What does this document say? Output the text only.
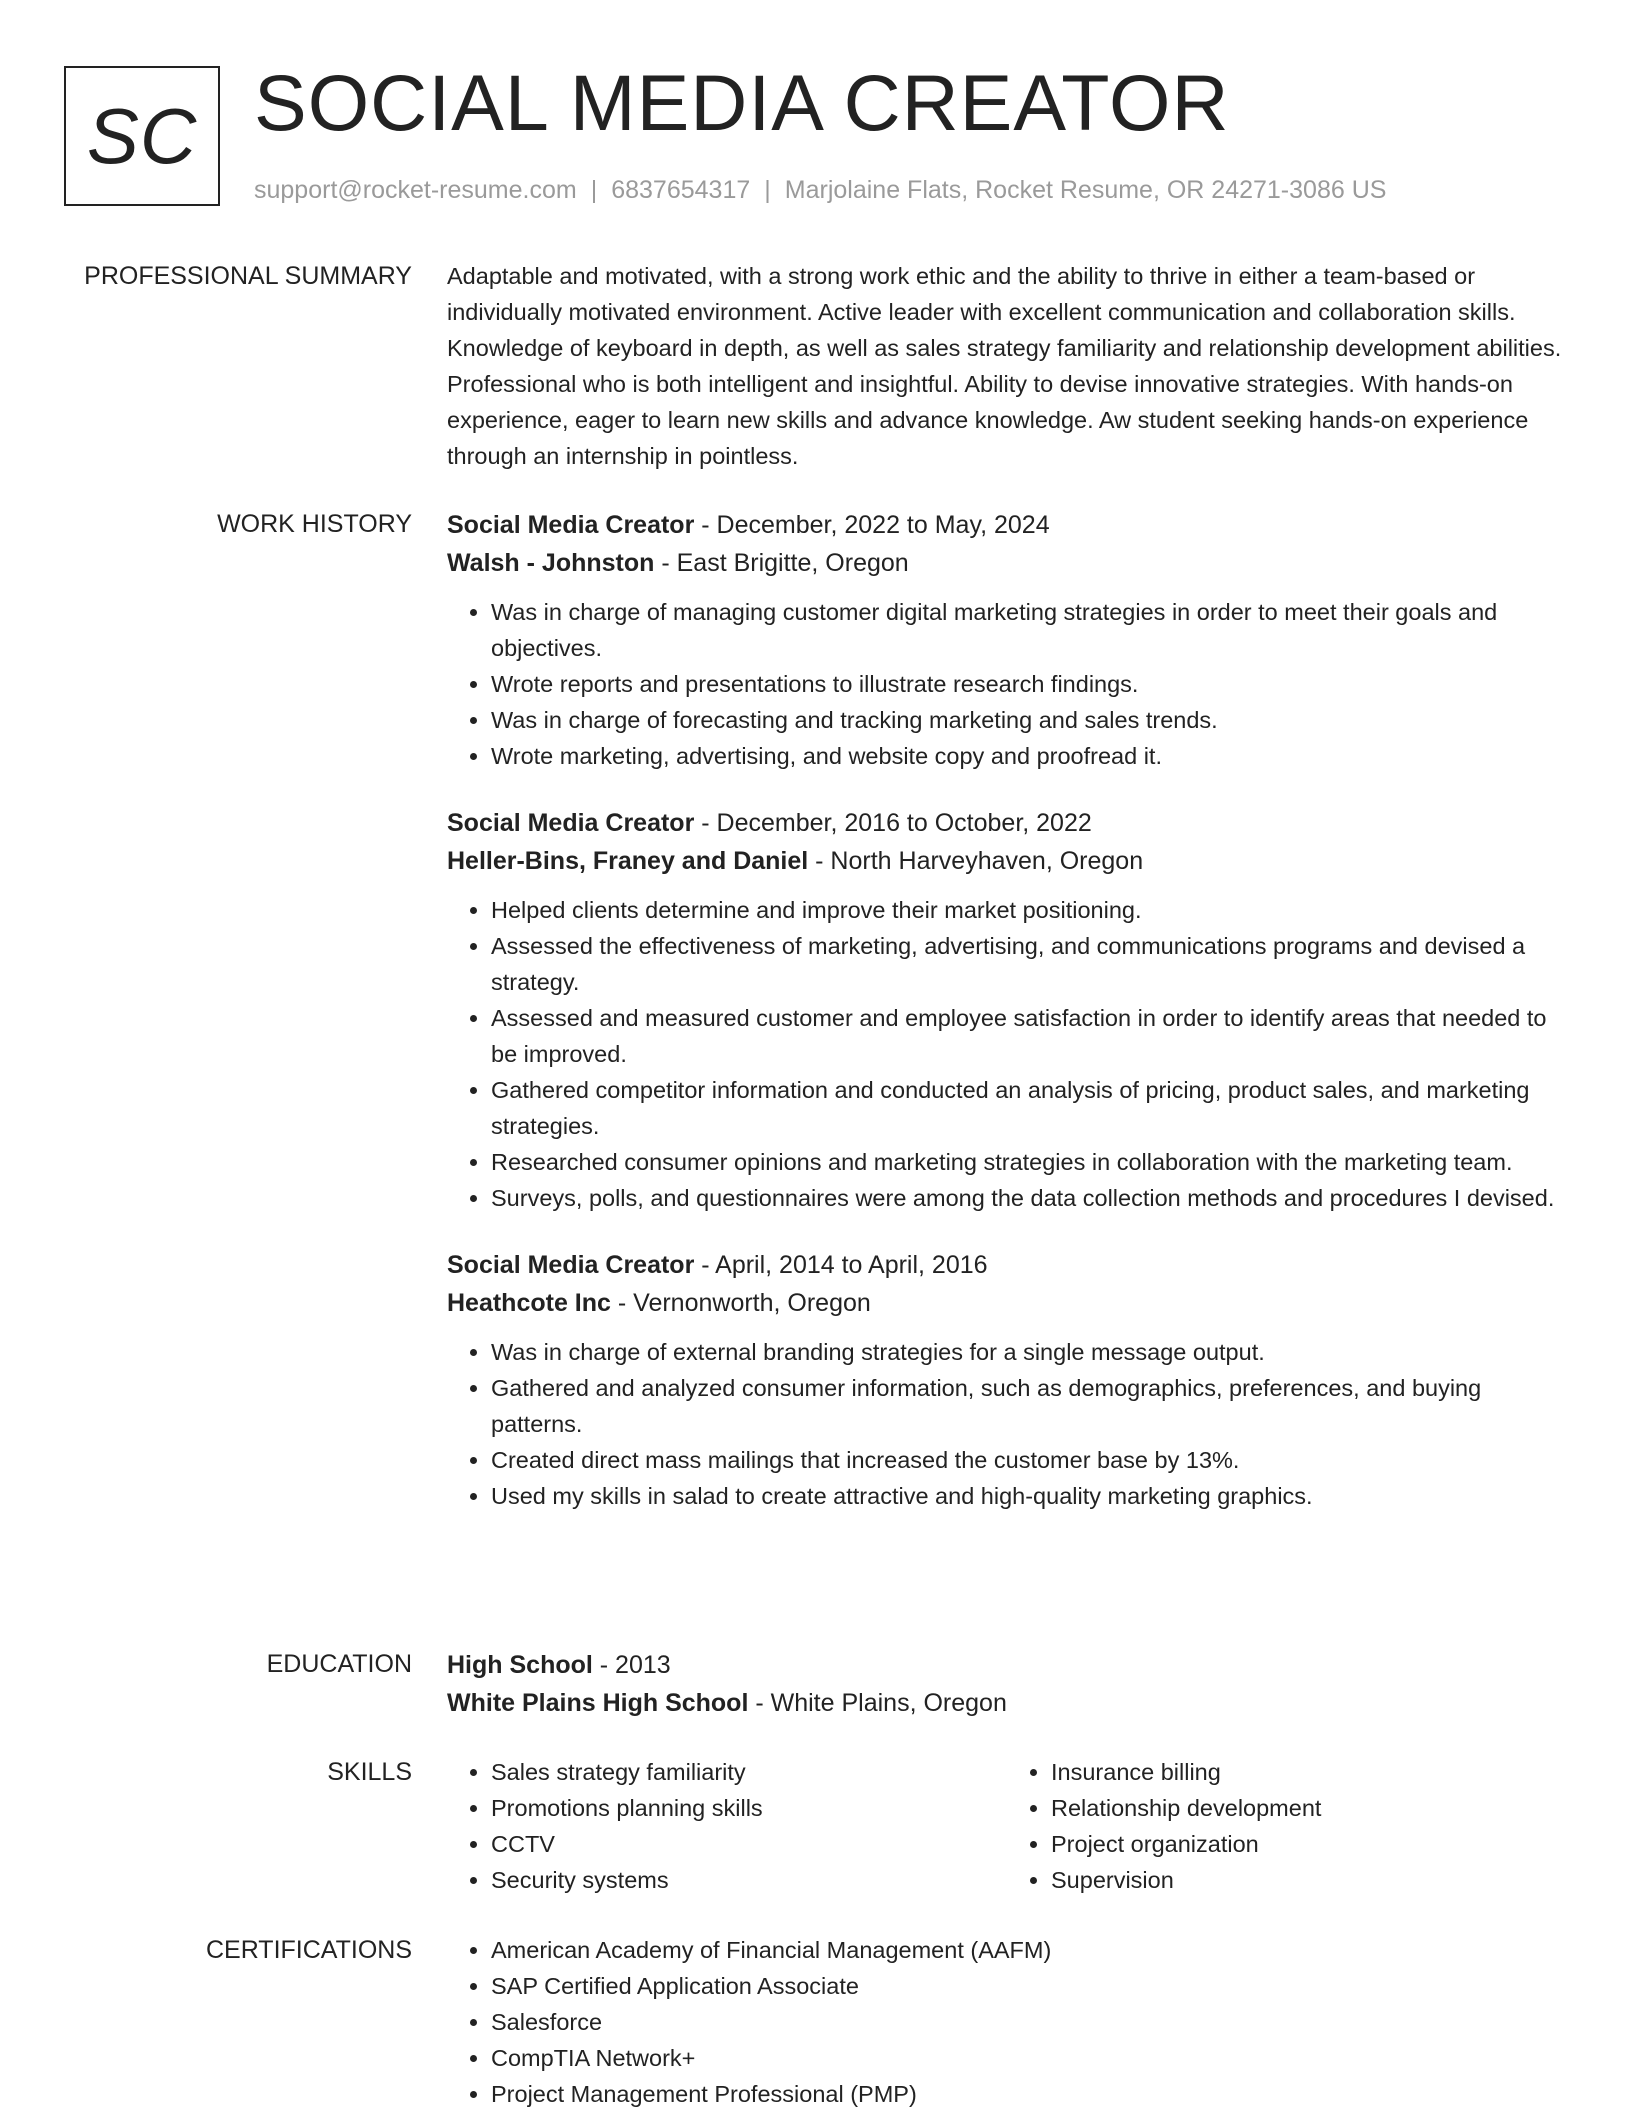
SC SOCIAL MEDIA CREATOR
support@rocket-resume.com | 6837654317 | Marjolaine Flats, Rocket Resume, OR 24271-3086 US
PROFESSIONAL SUMMARY Adaptable and motivated, with a strong work ethic and the ability to thrive in either a team-based or individually motivated environment. Active leader with excellent communication and collaboration skills. Knowledge of keyboard in depth, as well as sales strategy familiarity and relationship development abilities. Professional who is both intelligent and insightful. Ability to devise innovative strategies. With hands-on experience, eager to learn new skills and advance knowledge. Aw student seeking hands-on experience through an internship in pointless.

WORK HISTORY Social Media Creator - December, 2022 to May, 2024
Walsh - Johnston - East Brigitte, Oregon
• Was in charge of managing customer digital marketing strategies in order to meet their goals and objectives.
• Wrote reports and presentations to illustrate research findings.
• Was in charge of forecasting and tracking marketing and sales trends.
• Wrote marketing, advertising, and website copy and proofread it.
Social Media Creator - December, 2016 to October, 2022
Heller-Bins, Franey and Daniel - North Harveyhaven, Oregon
• Helped clients determine and improve their market positioning.
• Assessed the effectiveness of marketing, advertising, and communications programs and devised a strategy.
• Assessed and measured customer and employee satisfaction in order to identify areas that needed to be improved.
• Gathered competitor information and conducted an analysis of pricing, product sales, and marketing strategies.
• Researched consumer opinions and marketing strategies in collaboration with the marketing team.
• Surveys, polls, and questionnaires were among the data collection methods and procedures I devised.
Social Media Creator - April, 2014 to April, 2016
Heathcote Inc - Vernonworth, Oregon
• Was in charge of external branding strategies for a single message output.
• Gathered and analyzed consumer information, such as demographics, preferences, and buying patterns.
• Created direct mass mailings that increased the customer base by 13%.
• Used my skills in salad to create attractive and high-quality marketing graphics.
EDUCATION High School - 2013
White Plains High School - White Plains, Oregon
SKILLS	• Sales strategy familiarity
• Promotions planning skills
• CCTV
• Security systems
• Insurance billing
• Relationship development
• Project organization
• Supervision
CERTIFICATIONS	• American Academy of Financial Management (AAFM)
• SAP Certified Application Associate
• Salesforce
• CompTIA Network+
• Project Management Professional (PMP)
